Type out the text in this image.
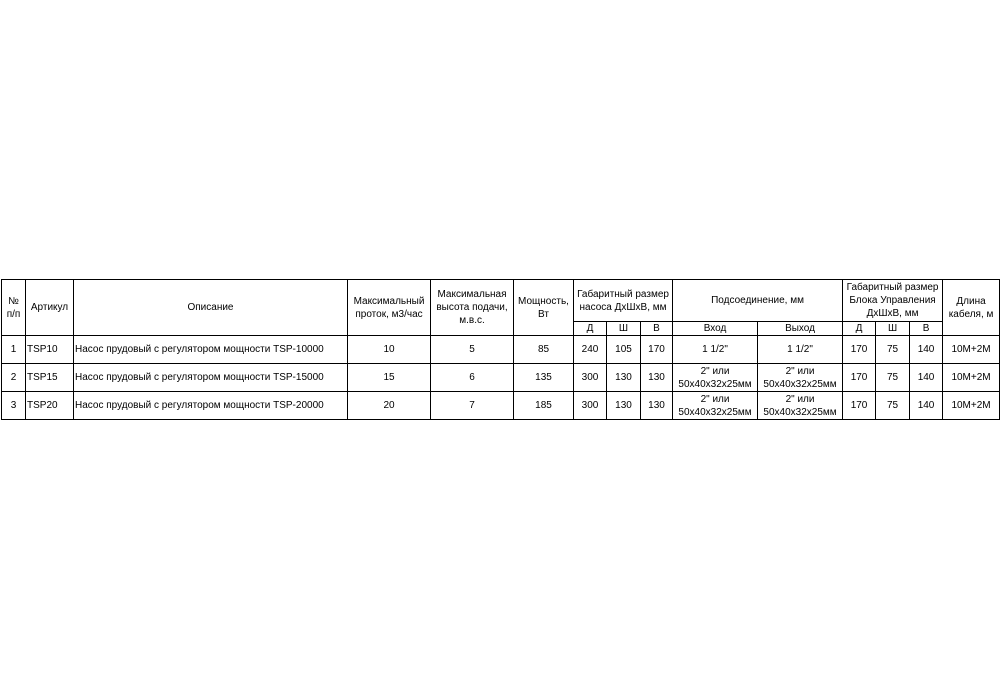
№ п/п	Артикул	Описание	Максимальный проток, м3/час	Максимальная высота подачи, м.в.с.	Мощность, Вт	Габаритный размер насоса ДхШхВ, мм			Подсоединение, мм		Габаритный размер Блока Управления ДхШхВ, мм			Длина кабеля, м
						Д	Ш	В	Вход	Выход	Д	Ш	В	
1	TSP10	Насос прудовый с регулятором мощности TSP-10000	10	5	85	240	105	170	1 1/2"	1 1/2"	170	75	140	10М+2М
2	TSP15	Насос прудовый с регулятором мощности TSP-15000	15	6	135	300	130	130	2" или 50х40х32х25мм	2" или 50х40х32х25мм	170	75	140	10М+2М
3	TSP20	Насос прудовый с регулятором мощности TSP-20000	20	7	185	300	130	130	2" или 50х40х32х25мм	2" или 50х40х32х25мм	170	75	140	10М+2М
